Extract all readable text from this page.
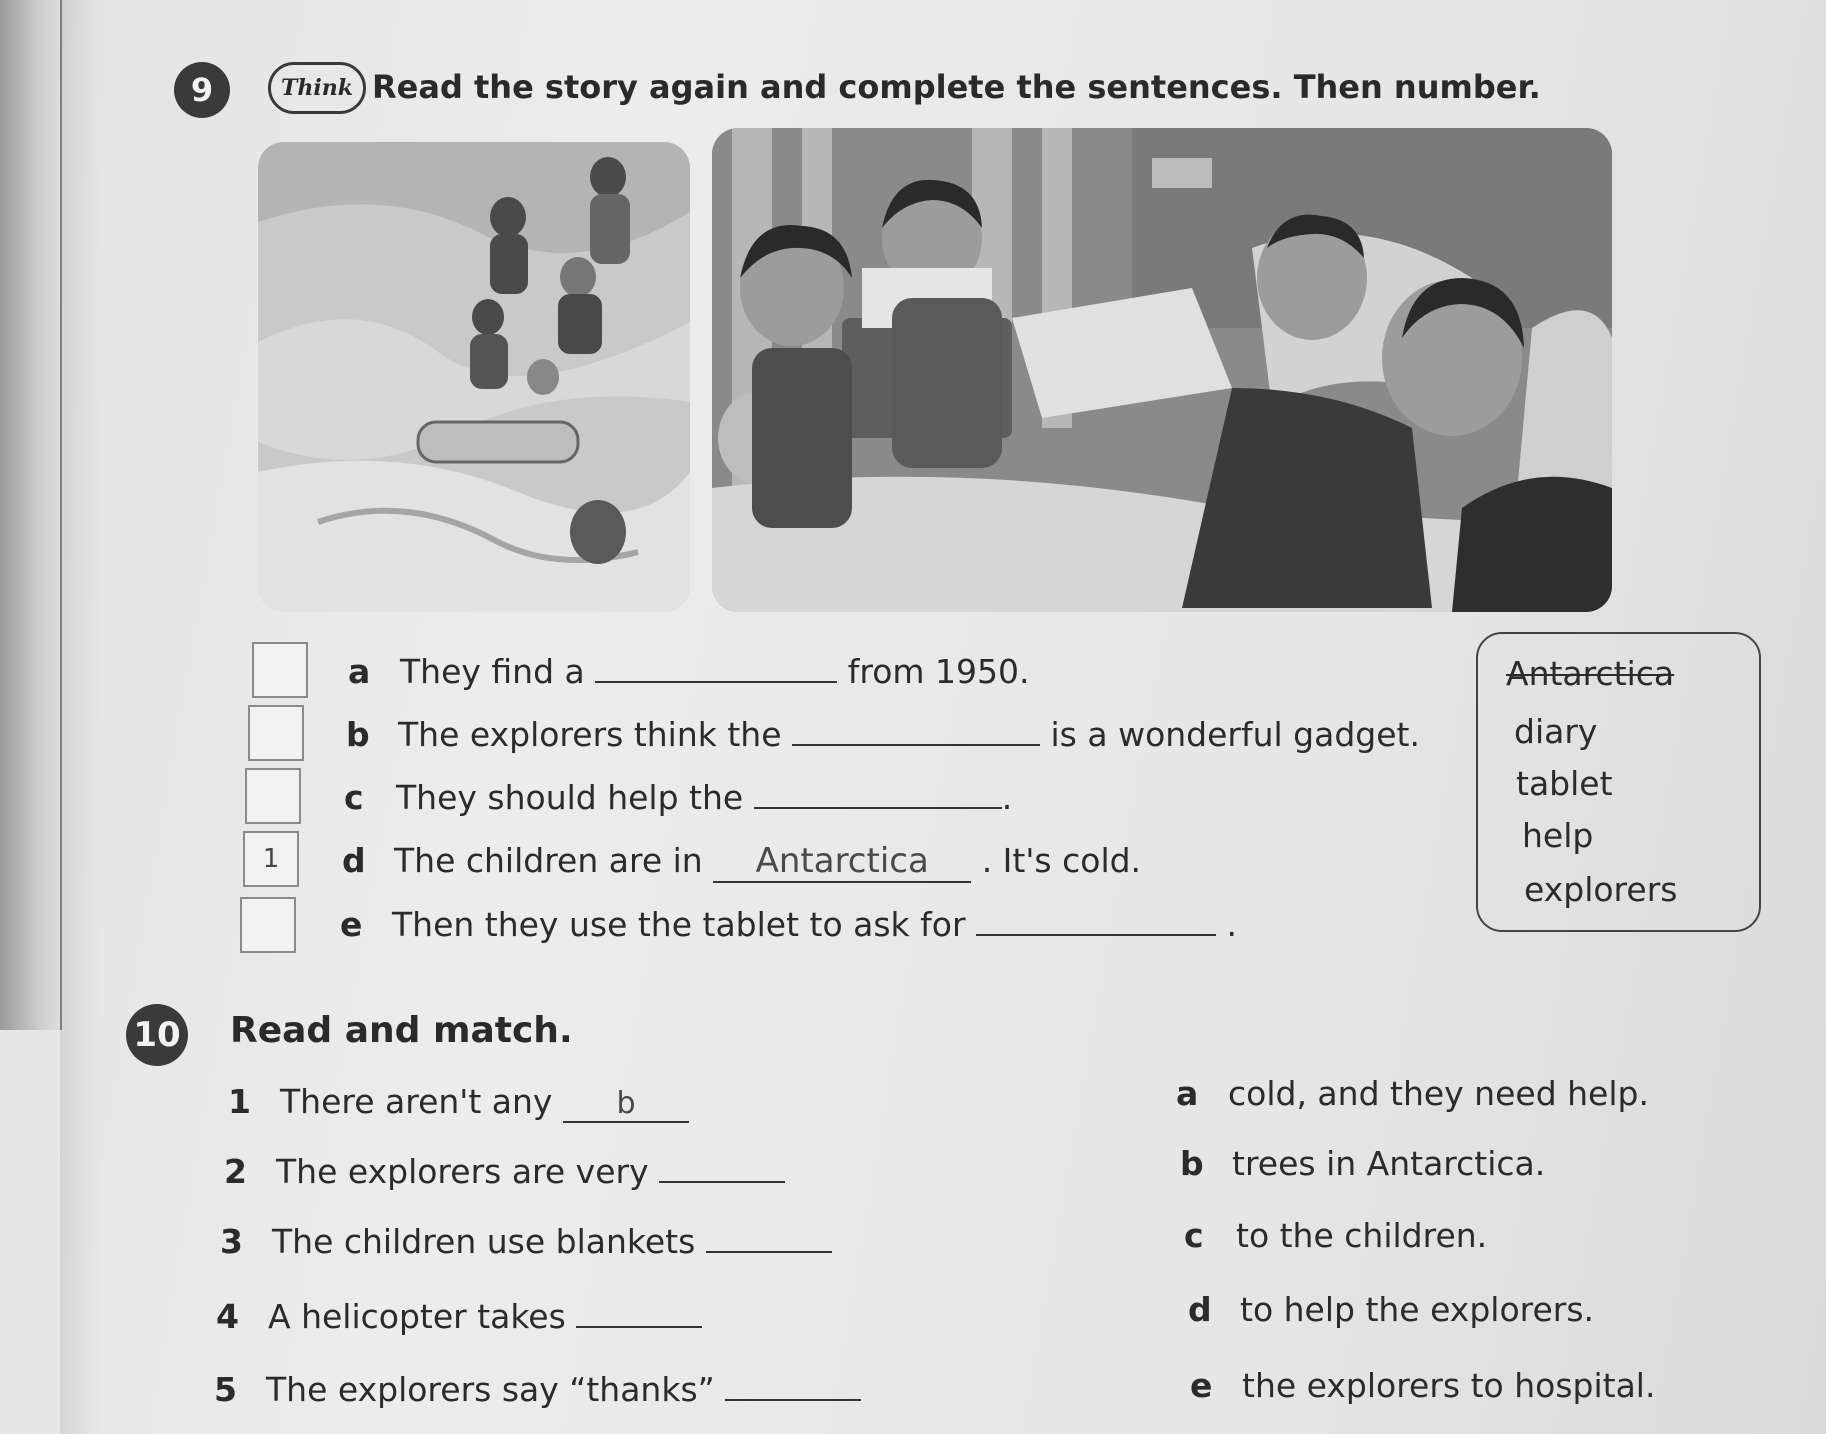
9	Think Read the story again and complete the sentences. Then number.
a They find a	from 1950.
b The explorers think the	is a wonderful gadget.
c They should help the	.
1	d The children are in Antarctica . It's cold.
e Then they use the tablet to ask for	.
Antarctica
diary
tablet
help
explorers
10 Read and match.
1 There aren't any b
2 The explorers are very
3 The children use blankets
4 A helicopter takes
5 The explorers say “thanks”
a cold, and they need help.
b trees in Antarctica.
c to the children.
d to help the explorers.
e the explorers to hospital.
